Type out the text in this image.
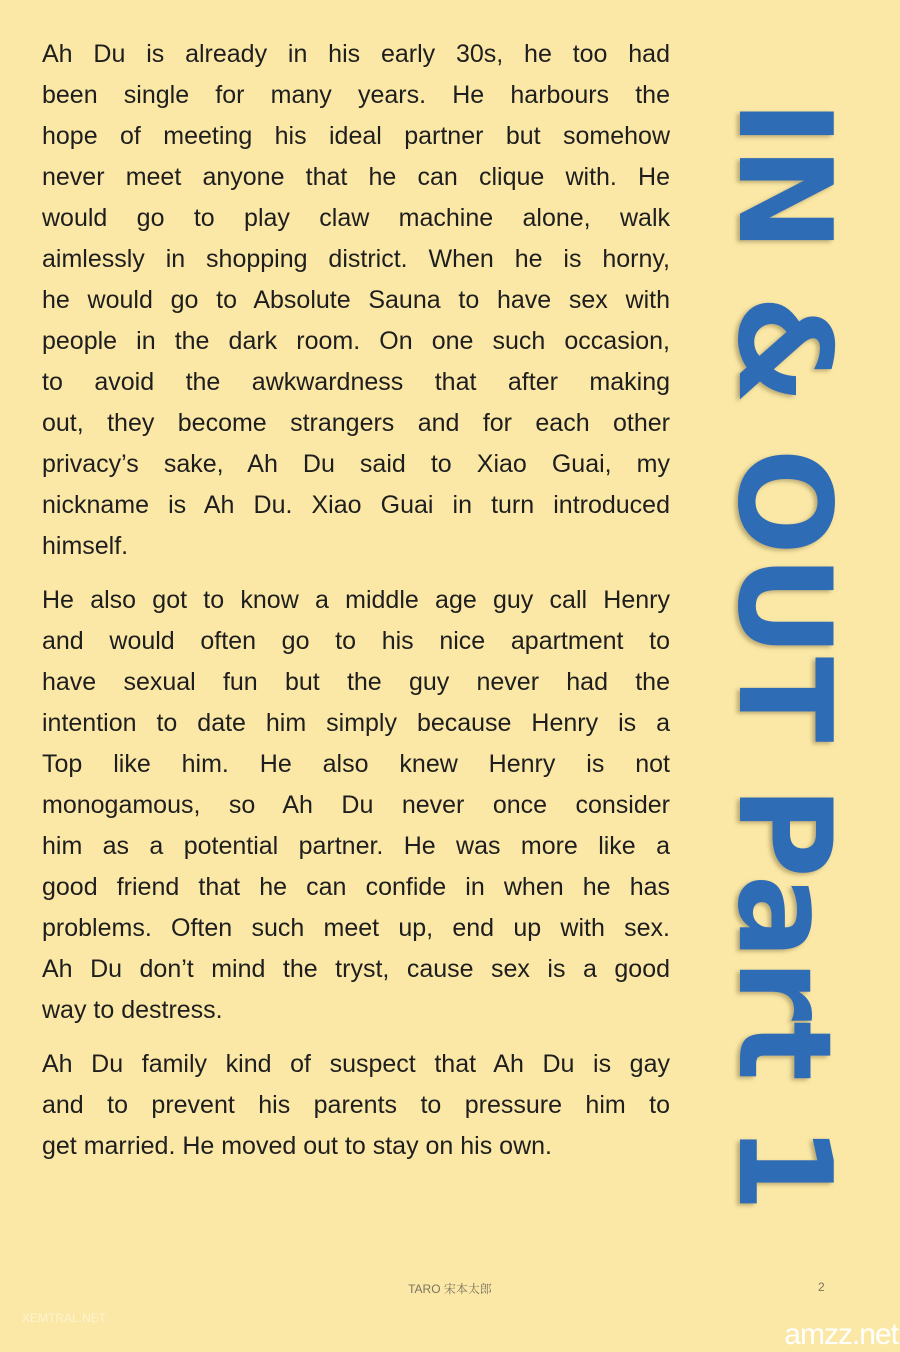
Ah Du is already in his early 30s, he too had
been single for many years. He harbours the
hope of meeting his ideal partner but somehow
never meet anyone that he can clique with. He
would go to play claw machine alone, walk
aimlessly in shopping district. When he is horny,
he would go to Absolute Sauna to have sex with
people in the dark room. On one such occasion,
to avoid the awkwardness that after making
out, they become strangers and for each other
privacy’s sake, Ah Du said to Xiao Guai, my
nickname is Ah Du. Xiao Guai in turn introduced
himself.
He also got to know a middle age guy call Henry
and would often go to his nice apartment to
have sexual fun but the guy never had the
intention to date him simply because Henry is a
Top like him. He also knew Henry is not
monogamous, so Ah Du never once consider
him as a potential partner. He was more like a
good friend that he can confide in when he has
problems. Often such meet up, end up with sex.
Ah Du don’t mind the tryst, cause sex is a good
way to destress.
Ah Du family kind of suspect that Ah Du is gay
and to prevent his parents to pressure him to
get married. He moved out to stay on his own.	IN & OUT Part 1
TARO 宋本太郎	2
XEMTRAL.NET	amzz.net
